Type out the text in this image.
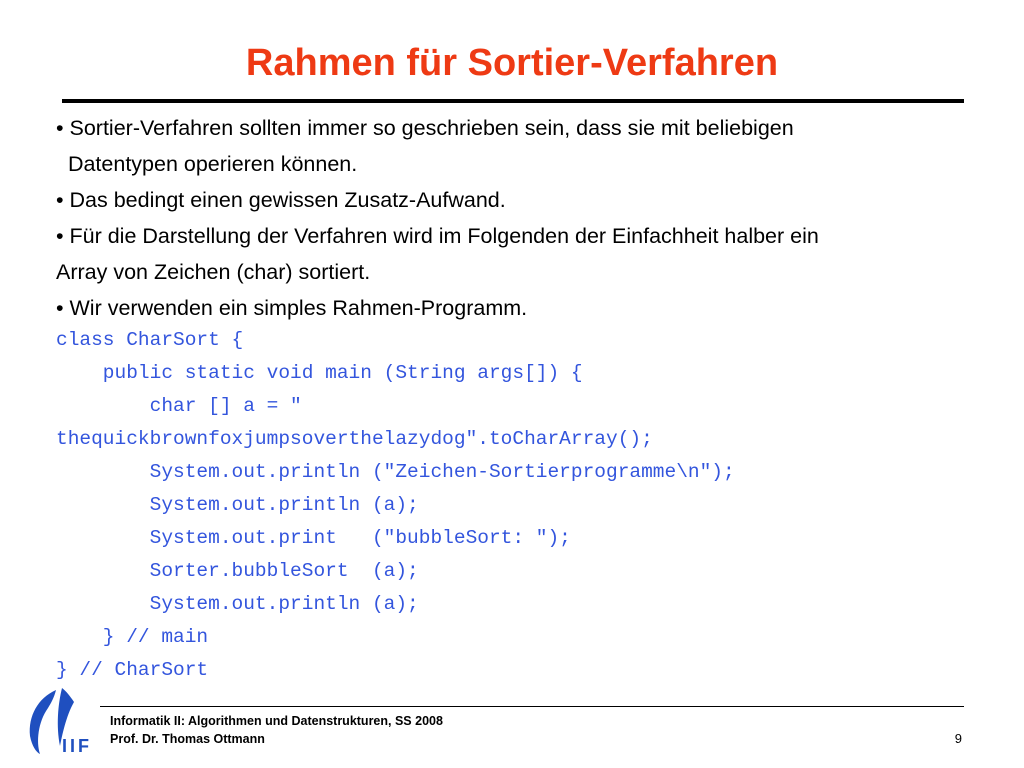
Rahmen für Sortier-Verfahren
• Sortier-Verfahren sollten immer so geschrieben sein, dass sie mit beliebigen
Datentypen operieren können.
• Das bedingt einen gewissen Zusatz-Aufwand.
• Für die Darstellung der Verfahren wird im Folgenden der Einfachheit halber ein
Array von Zeichen (char) sortiert.
• Wir verwenden ein simples Rahmen-Programm.
class CharSort {
public static void main (String args[]) {
char [] a = "
thequickbrownfoxjumpsoverthelazydog".toCharArray();
System.out.println ("Zeichen-Sortierprogramme\n");
System.out.println (a);
System.out.print   ("bubbleSort: ");
Sorter.bubbleSort  (a);
System.out.println (a);
} // main
} // CharSort
IIF
Informatik II: Algorithmen und Datenstrukturen, SS 2008
Prof. Dr. Thomas Ottmann	9
